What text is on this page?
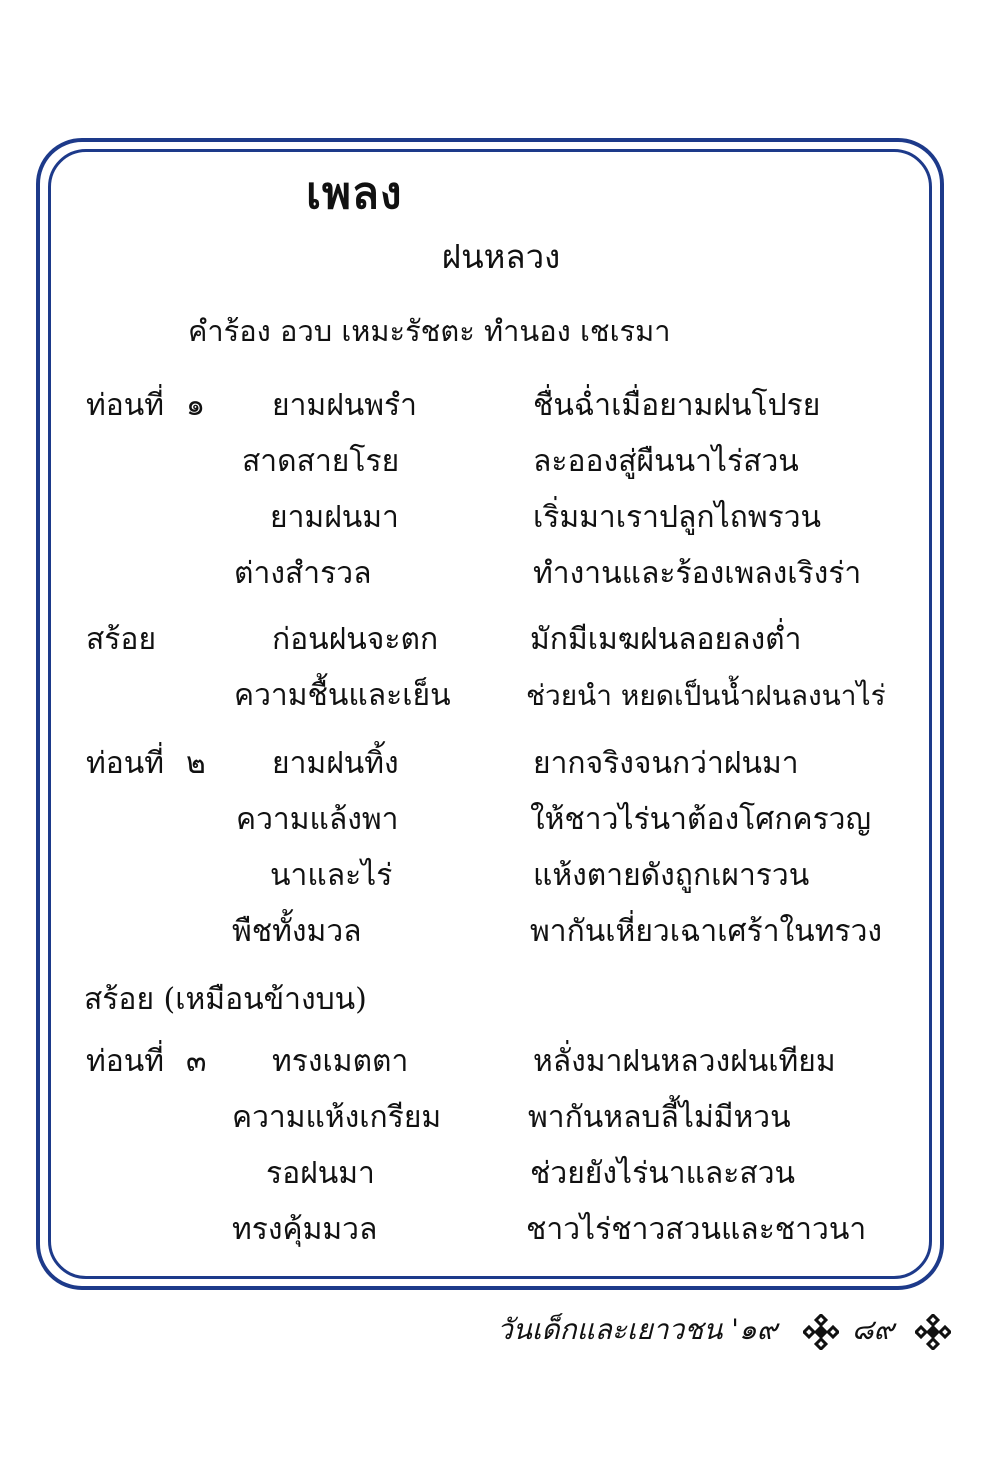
เพลง
ฝนหลวง
คำร้อง อวบ เหมะรัชตะ ทำนอง เชเรมา
ท่อนที่ ๑ ยามฝนพรำ	ชื่นฉ่ำเมื่อยามฝนโปรย
สาดสายโรย	ละอองสู่ผืนนาไร่สวน
ยามฝนมา	เริ่มมาเราปลูกไถพรวน
ต่างสำรวล	ทำงานและร้องเพลงเริงร่า
สร้อย	ก่อนฝนจะตก	มักมีเมฆฝนลอยลงต่ำ
ความชื้นและเย็น	ช่วยนำ หยดเป็นน้ำฝนลงนาไร่
ท่อนที่ ๒ ยามฝนทิ้ง	ยากจริงจนกว่าฝนมา
ความแล้งพา	ให้ชาวไร่นาต้องโศกครวญ
นาและไร่	แห้งตายดังถูกเผารวน
พืชทั้งมวล	พากันเหี่ยวเฉาเศร้าในทรวง
สร้อย (เหมือนข้างบน)
ท่อนที่ ๓ ทรงเมตตา	หลั่งมาฝนหลวงฝนเทียม
ความแห้งเกรียม	พากันหลบลี้ไม่มีหวน
รอฝนมา	ช่วยยังไร่นาและสวน
ทรงคุ้มมวล	ชาวไร่ชาวสวนและชาวนา
วันเด็กและเยาวชน '๑๙	๘๙
